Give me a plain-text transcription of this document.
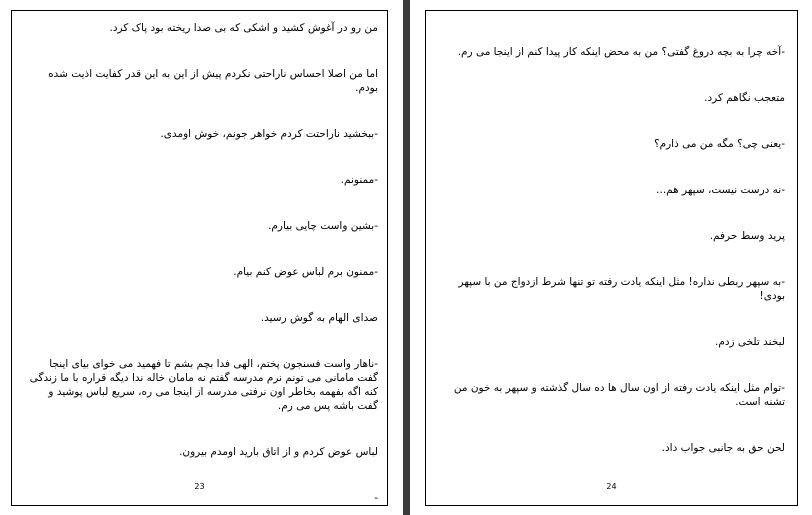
من رو در آغوش کشید و اشکی که بی صدا ریخته بود پاک کرد.

اما من اصلا احساس ناراحتی نکردم پیش از این به این قدر کفایت اذیت شده بودم.

-ببخشید ناراحتت کردم خواهر جونم، خوش اومدی.

-ممنونم.

-بشین واست چایی بیارم.

-ممنون برم لباس عوض کنم بیام.

صدای الهام به گوش رسید.

-ناهار واست فسنجون پختم، الهی فدا بچم بشم تا فهمید می خوای بیای اینجا گفت مامانی می تونم نرم مدرسه گفتم نه مامان خاله ندا دیگه قراره با ما زندگی کنه اگه بفهمه بخاطر اون نرفتی مدرسه از اینجا می ره، سریع لباس پوشید و گفت باشه پس می رم.

لباس عوض کردم و از اتاق بارید اومدم بیرون.

-

23

-آخه چرا به بچه دروغ گفتی؟ من به محض اینکه کار پیدا کنم از اینجا می رم.

متعجب نگاهم کرد.

-یعنی چی؟ مگه من می ذارم؟

-نه درست نیست، سپهر هم...

پرید وسط حرفم.

-به سپهر ربطی نداره! مثل اینکه یادت رفته تو تنها شرط ازدواج من با سپهر بودی!

لبخند تلخی زدم.

-توام مثل اینکه یادت رفته از اون سال ها ده سال گذشته و سپهر به خون من تشنه است.

لحن حق به جانبی جواب داد.

24
